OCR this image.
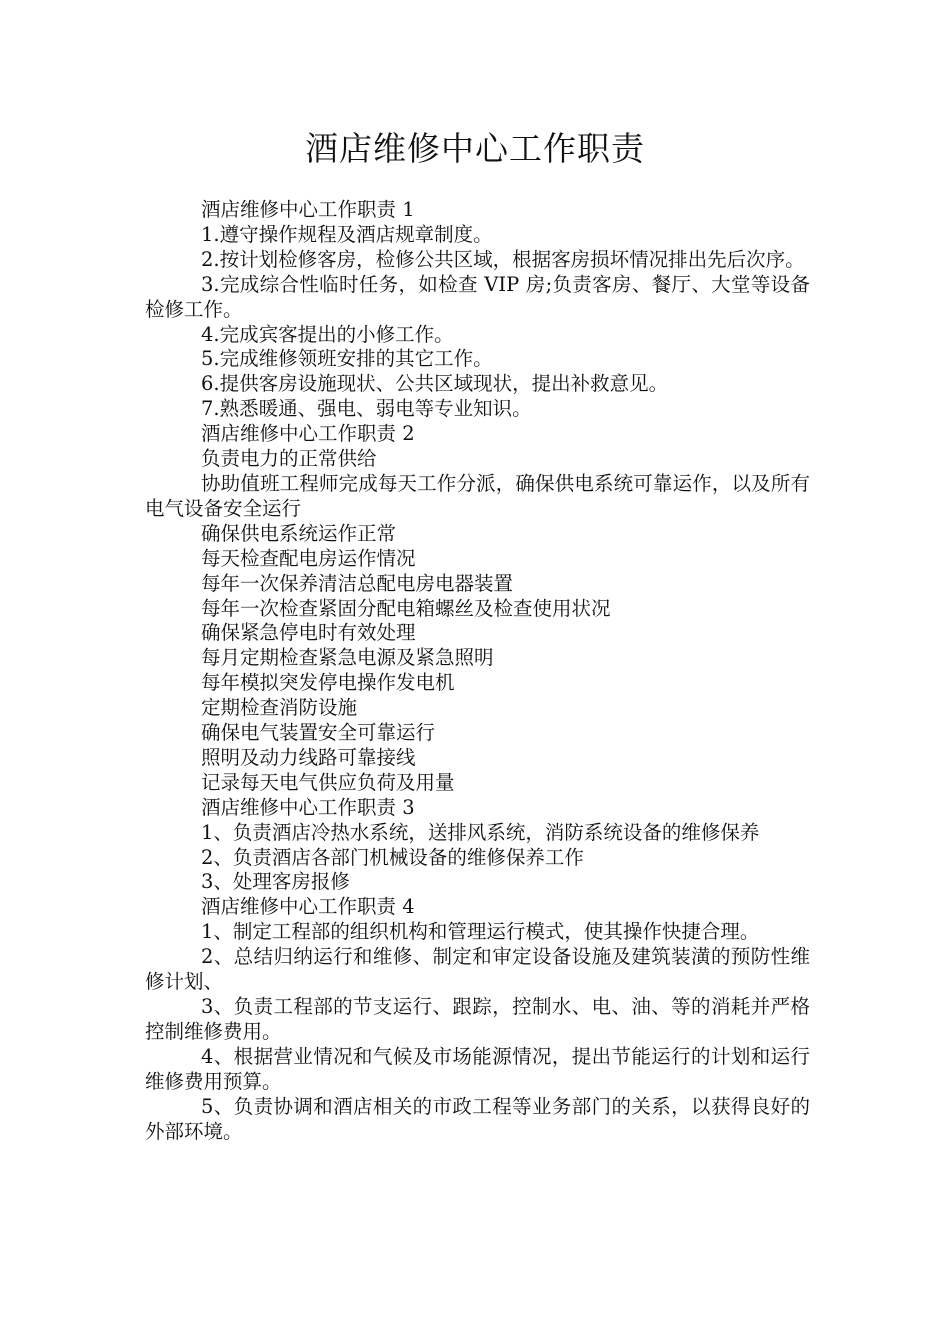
酒店维修中心工作职责

酒店维修中心工作职责 1

1.遵守操作规程及酒店规章制度。

2.按计划检修客房，检修公共区域，根据客房损坏情况排出先后次序。

3.完成综合性临时任务，如检查 VIP 房;负责客房、餐厅、大堂等设备检修工作。

4.完成宾客提出的小修工作。

5.完成维修领班安排的其它工作。

6.提供客房设施现状、公共区域现状，提出补救意见。

7.熟悉暖通、强电、弱电等专业知识。

酒店维修中心工作职责 2

负责电力的正常供给

协助值班工程师完成每天工作分派，确保供电系统可靠运作，以及所有电气设备安全运行

确保供电系统运作正常

每天检查配电房运作情况

每年一次保养清洁总配电房电器装置

每年一次检查紧固分配电箱螺丝及检查使用状况

确保紧急停电时有效处理

每月定期检查紧急电源及紧急照明

每年模拟突发停电操作发电机

定期检查消防设施

确保电气装置安全可靠运行

照明及动力线路可靠接线

记录每天电气供应负荷及用量

酒店维修中心工作职责 3

1、负责酒店冷热水系统，送排风系统，消防系统设备的维修保养

2、负责酒店各部门机械设备的维修保养工作

3、处理客房报修

酒店维修中心工作职责 4

1、制定工程部的组织机构和管理运行模式，使其操作快捷合理。

2、总结归纳运行和维修、制定和审定设备设施及建筑装潢的预防性维修计划、

3、负责工程部的节支运行、跟踪，控制水、电、油、等的消耗并严格控制维修费用。

4、根据营业情况和气候及市场能源情况，提出节能运行的计划和运行维修费用预算。

5、负责协调和酒店相关的市政工程等业务部门的关系，以获得良好的外部环境。
